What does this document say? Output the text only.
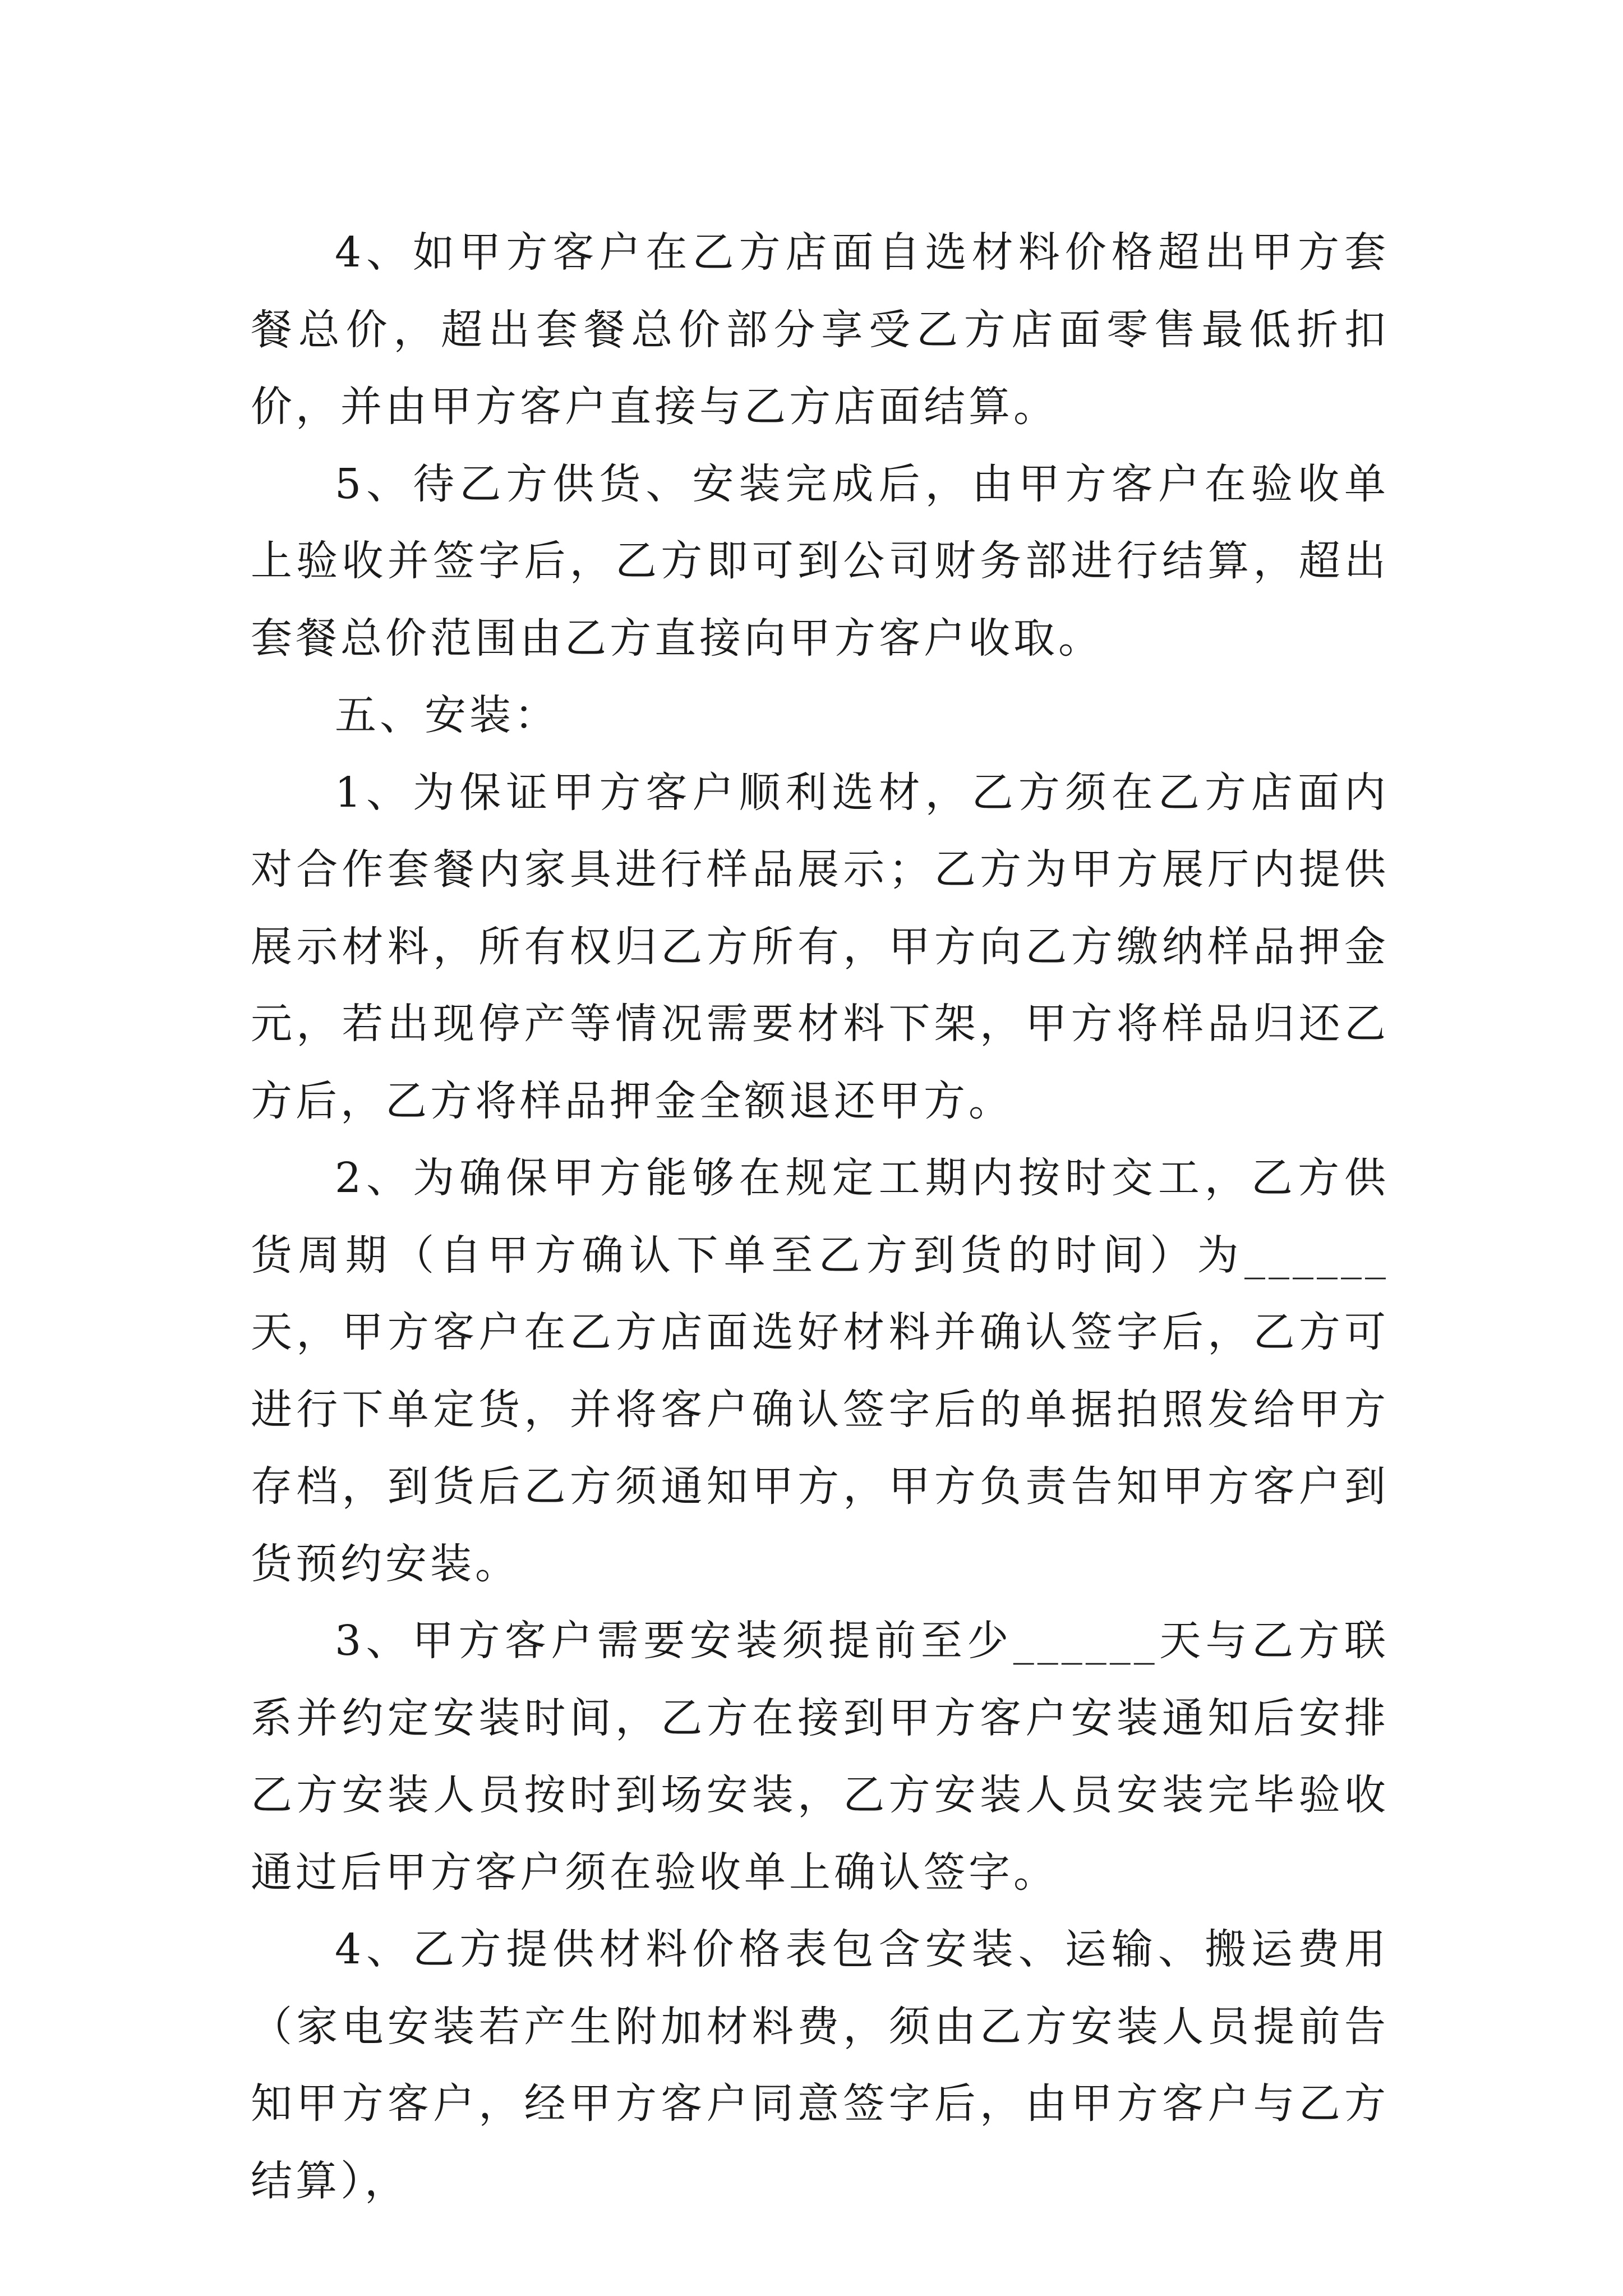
4、如甲方客户在乙方店面自选材料价格超出甲方套餐总价，超出套餐总价部分享受乙方店面零售最低折扣价，并由甲方客户直接与乙方店面结算。

5、待乙方供货、安装完成后，由甲方客户在验收单上验收并签字后，乙方即可到公司财务部进行结算，超出套餐总价范围由乙方直接向甲方客户收取。

五、安装：

1、为保证甲方客户顺利选材，乙方须在乙方店面内对合作套餐内家具进行样品展示；乙方为甲方展厅内提供展示材料，所有权归乙方所有，甲方向乙方缴纳样品押金元，若出现停产等情况需要材料下架，甲方将样品归还乙方后，乙方将样品押金全额退还甲方。

2、为确保甲方能够在规定工期内按时交工，乙方供货周期（自甲方确认下单至乙方到货的时间）为______天，甲方客户在乙方店面选好材料并确认签字后，乙方可进行下单定货，并将客户确认签字后的单据拍照发给甲方存档，到货后乙方须通知甲方，甲方负责告知甲方客户到货预约安装。

3、甲方客户需要安装须提前至少______天与乙方联系并约定安装时间，乙方在接到甲方客户安装通知后安排乙方安装人员按时到场安装，乙方安装人员安装完毕验收通过后甲方客户须在验收单上确认签字。

4、乙方提供材料价格表包含安装、运输、搬运费用（家电安装若产生附加材料费，须由乙方安装人员提前告知甲方客户，经甲方客户同意签字后，由甲方客户与乙方结算），
